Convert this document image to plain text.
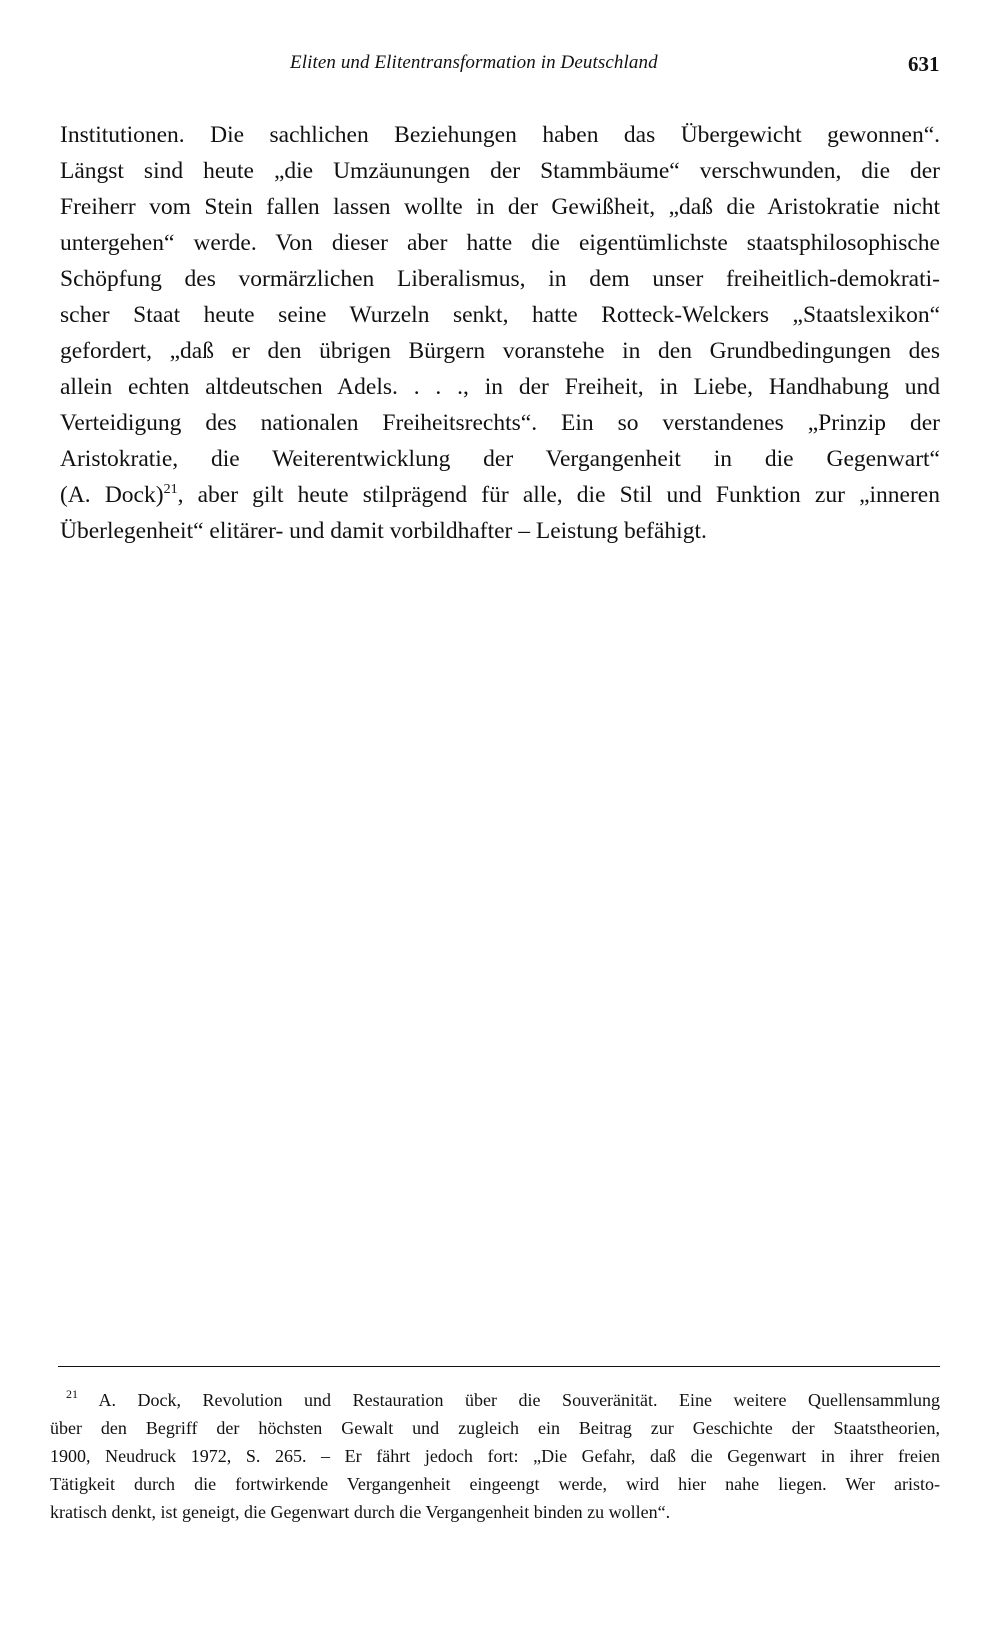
Eliten und Elitentransformation in Deutschland	631
Institutionen. Die sachlichen Beziehungen haben das Übergewicht gewonnen“.
Längst sind heute „die Umzäunungen der Stammbäume“ verschwunden, die der
Freiherr vom Stein fallen lassen wollte in der Gewißheit, „daß die Aristokratie nicht
untergehen“ werde. Von dieser aber hatte die eigentümlichste staatsphilosophische
Schöpfung des vormärzlichen Liberalismus, in dem unser freiheitlich-demokrati-
scher Staat heute seine Wurzeln senkt, hatte Rotteck-Welckers „Staatslexikon“
gefordert, „daß er den übrigen Bürgern voranstehe in den Grundbedingungen des
allein echten altdeutschen Adels. . . ., in der Freiheit, in Liebe, Handhabung und
Verteidigung des nationalen Freiheitsrechts“. Ein so verstandenes „Prinzip der
Aristokratie, die Weiterentwicklung der Vergangenheit in die Gegenwart“
(A. Dock)$^{21}$, aber gilt heute stilprägend für alle, die Stil und Funktion zur „inneren
Überlegenheit“ elitärer- und damit vorbildhafter – Leistung befähigt.
$^{21}$ A. Dock, Revolution und Restauration über die Souveränität. Eine weitere Quellensammlung
über den Begriff der höchsten Gewalt und zugleich ein Beitrag zur Geschichte der Staatstheorien,
1900, Neudruck 1972, S. 265. – Er fährt jedoch fort: „Die Gefahr, daß die Gegenwart in ihrer freien
Tätigkeit durch die fortwirkende Vergangenheit eingeengt werde, wird hier nahe liegen. Wer aristo-
kratisch denkt, ist geneigt, die Gegenwart durch die Vergangenheit binden zu wollen“.
